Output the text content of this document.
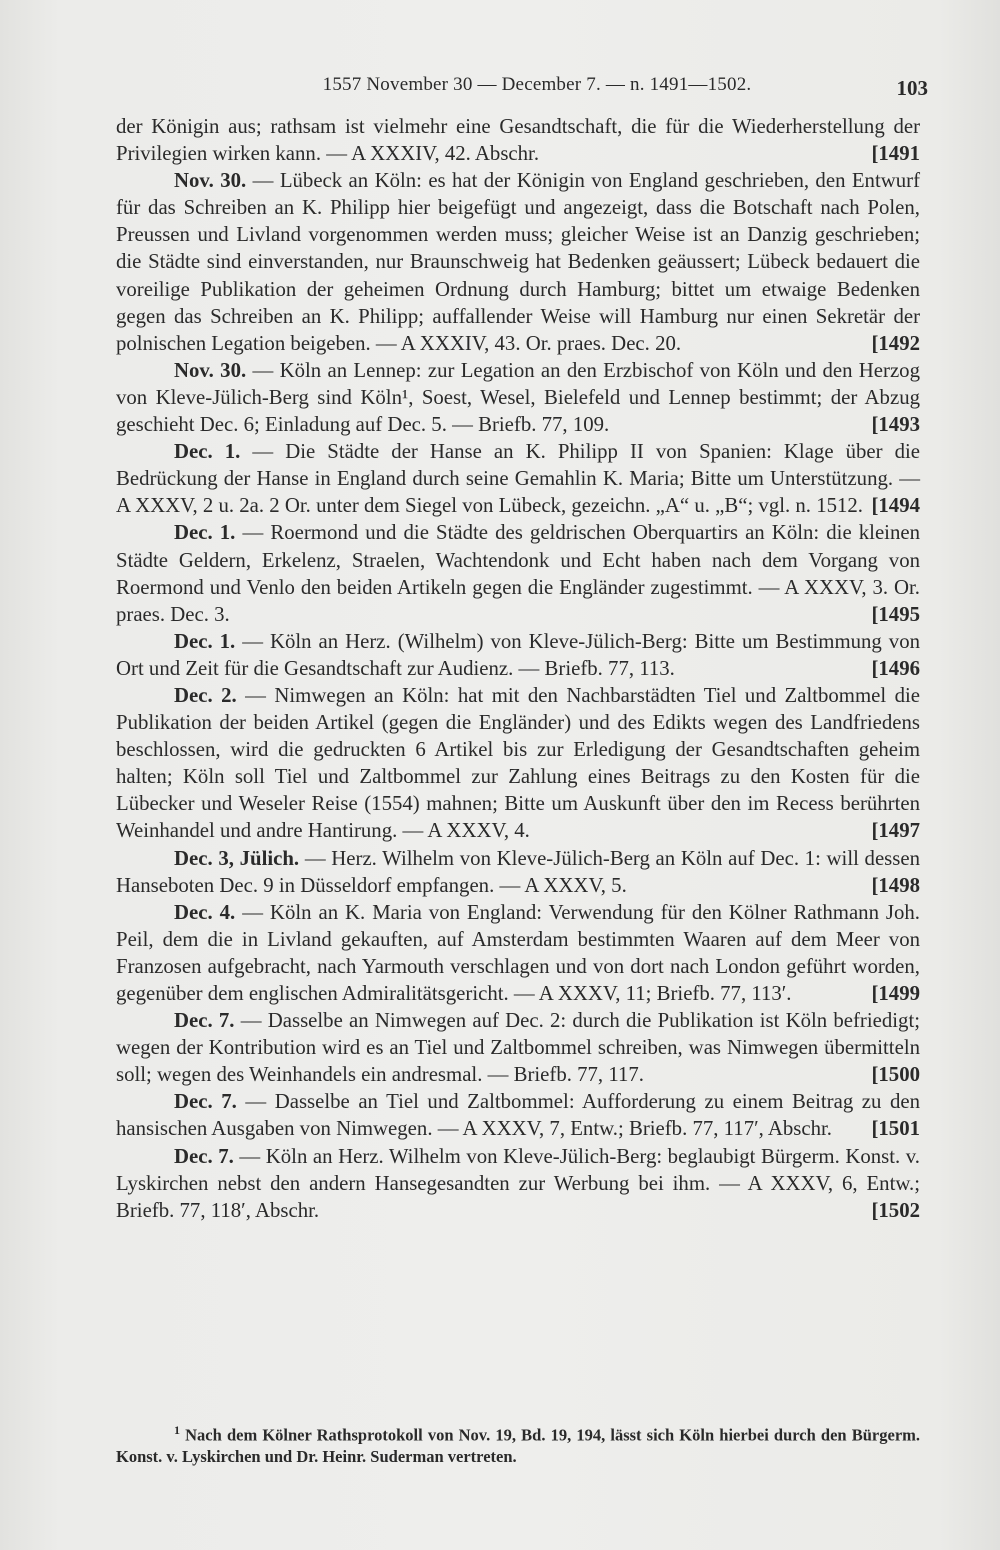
1557 November 30 — December 7. — n. 1491—1502.	103

der Königin aus; rathsam ist vielmehr eine Gesandtschaft, die für die Wiederherstellung der Privilegien wirken kann. — A XXXIV, 42. Abschr.	[1491

Nov. 30. — Lübeck an Köln: es hat der Königin von England geschrieben, den Entwurf für das Schreiben an K. Philipp hier beigefügt und angezeigt, dass die Botschaft nach Polen, Preussen und Livland vorgenommen werden muss; gleicher Weise ist an Danzig geschrieben; die Städte sind einverstanden, nur Braunschweig hat Bedenken geäussert; Lübeck bedauert die voreilige Publikation der geheimen Ordnung durch Hamburg; bittet um etwaige Bedenken gegen das Schreiben an K. Philipp; auffallender Weise will Hamburg nur einen Sekretär der polnischen Legation beigeben. — A XXXIV, 43. Or. praes. Dec. 20.	[1492

Nov. 30. — Köln an Lennep: zur Legation an den Erzbischof von Köln und den Herzog von Kleve-Jülich-Berg sind Köln¹, Soest, Wesel, Bielefeld und Lennep bestimmt; der Abzug geschieht Dec. 6; Einladung auf Dec. 5. — Briefb. 77, 109.	[1493

Dec. 1. — Die Städte der Hanse an K. Philipp II von Spanien: Klage über die Bedrückung der Hanse in England durch seine Gemahlin K. Maria; Bitte um Unterstützung. — A XXXV, 2 u. 2a. 2 Or. unter dem Siegel von Lübeck, gezeichn. „A“ u. „B“; vgl. n. 1512. [1494

Dec. 1. — Roermond und die Städte des geldrischen Oberquartirs an Köln: die kleinen Städte Geldern, Erkelenz, Straelen, Wachtendonk und Echt haben nach dem Vorgang von Roermond und Venlo den beiden Artikeln gegen die Engländer zugestimmt. — A XXXV, 3. Or. praes. Dec. 3.	[1495

Dec. 1. — Köln an Herz. (Wilhelm) von Kleve-Jülich-Berg: Bitte um Bestimmung von Ort und Zeit für die Gesandtschaft zur Audienz. — Briefb. 77, 113.	[1496

Dec. 2. — Nimwegen an Köln: hat mit den Nachbarstädten Tiel und Zaltbommel die Publikation der beiden Artikel (gegen die Engländer) und des Edikts wegen des Landfriedens beschlossen, wird die gedruckten 6 Artikel bis zur Erledigung der Gesandtschaften geheim halten; Köln soll Tiel und Zaltbommel zur Zahlung eines Beitrags zu den Kosten für die Lübecker und Weseler Reise (1554) mahnen; Bitte um Auskunft über den im Recess berührten Weinhandel und andre Hantirung. — A XXXV, 4.	[1497

Dec. 3, Jülich. — Herz. Wilhelm von Kleve-Jülich-Berg an Köln auf Dec. 1: will dessen Hanseboten Dec. 9 in Düsseldorf empfangen. — A XXXV, 5.	[1498

Dec. 4. — Köln an K. Maria von England: Verwendung für den Kölner Rathmann Joh. Peil, dem die in Livland gekauften, auf Amsterdam bestimmten Waaren auf dem Meer von Franzosen aufgebracht, nach Yarmouth verschlagen und von dort nach London geführt worden, gegenüber dem englischen Admiralitätsgericht. — A XXXV, 11; Briefb. 77, 113′.	[1499

Dec. 7. — Dasselbe an Nimwegen auf Dec. 2: durch die Publikation ist Köln befriedigt; wegen der Kontribution wird es an Tiel und Zaltbommel schreiben, was Nimwegen übermitteln soll; wegen des Weinhandels ein andresmal. — Briefb. 77, 117.	[1500

Dec. 7. — Dasselbe an Tiel und Zaltbommel: Aufforderung zu einem Beitrag zu den hansischen Ausgaben von Nimwegen. — A XXXV, 7, Entw.; Briefb. 77, 117′, Abschr. [1501

Dec. 7. — Köln an Herz. Wilhelm von Kleve-Jülich-Berg: beglaubigt Bürgerm. Konst. v. Lyskirchen nebst den andern Hansegesandten zur Werbung bei ihm. — A XXXV, 6, Entw.; Briefb. 77, 118′, Abschr.	[1502

$^1$ Nach dem Kölner Rathsprotokoll von Nov. 19, Bd. 19, 194, lässt sich Köln hierbei durch den Bürgerm. Konst. v. Lyskirchen und Dr. Heinr. Suderman vertreten.
